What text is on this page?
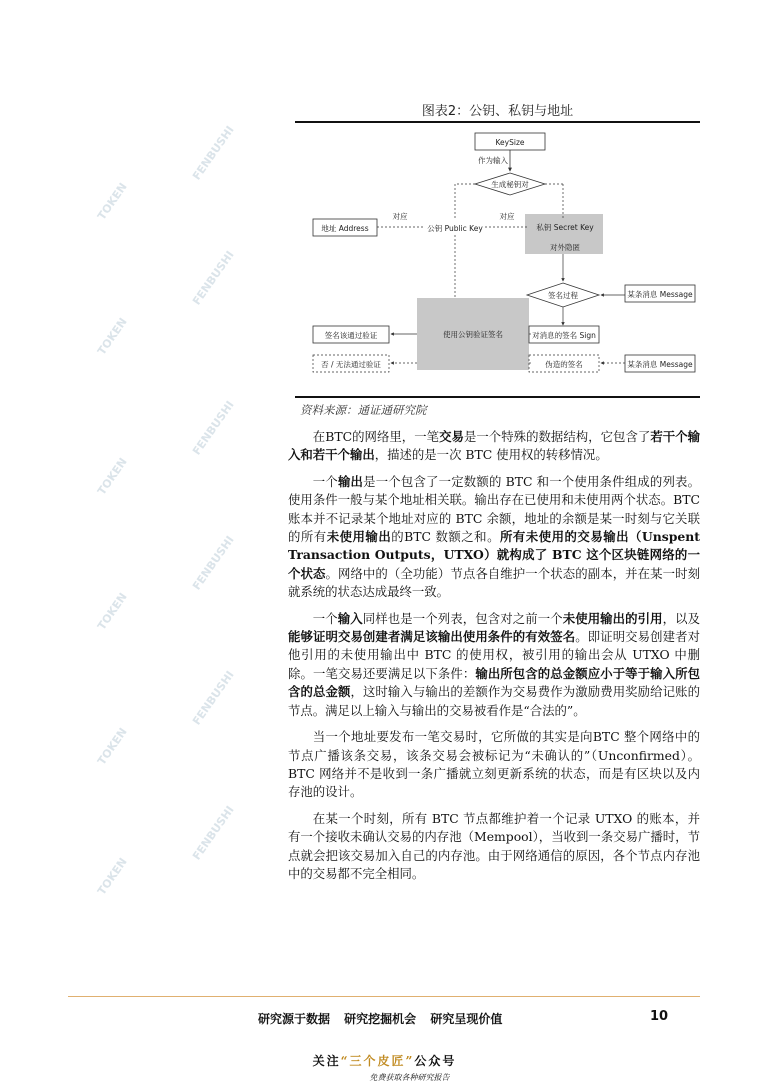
TOKEN
FENBUSHI
TOKEN
FENBUSHI
TOKEN
FENBUSHI
TOKEN
FENBUSHI
TOKEN
FENBUSHI
TOKEN
FENBUSHI
图表2：公钥、私钥与地址
KeySize
作为输入
生成秘钥对
地址 Address
对应
公钥 Public Key
对应
私钥 Secret Key
对外隐匿
签名过程	某条消息 Message
使用公钥验证签名
签名该通过验证	对消息的签名 Sign
否 / 无法通过验证	伪造的签名	某条消息 Message
资料来源：通证通研究院

在BTC的网络里，一笔交易是一个特殊的数据结构，它包含了若干个输入和若干个输出，描述的是一次 BTC 使用权的转移情况。

一个输出是一个包含了一定数额的 BTC 和一个使用条件组成的列表。使用条件一般与某个地址相关联。输出存在已使用和未使用两个状态。BTC 账本并不记录某个地址对应的 BTC 余额，地址的余额是某一时刻与它关联的所有未使用输出的BTC 数额之和。所有未使用的交易输出（Unspent Transaction Outputs，UTXO）就构成了 BTC 这个区块链网络的一个状态。网络中的（全功能）节点各自维护一个状态的副本，并在某一时刻就系统的状态达成最终一致。

一个输入同样也是一个列表，包含对之前一个未使用输出的引用，以及能够证明交易创建者满足该输出使用条件的有效签名。即证明交易创建者对他引用的未使用输出中 BTC 的使用权，被引用的输出会从 UTXO 中删除。一笔交易还要满足以下条件：输出所包含的总金额应小于等于输入所包含的总金额，这时输入与输出的差额作为交易费作为激励费用奖励给记账的节点。满足以上输入与输出的交易被看作是“合法的”。

当一个地址要发布一笔交易时，它所做的其实是向BTC 整个网络中的节点广播该条交易，该条交易会被标记为“未确认的”（Unconfirmed）。BTC 网络并不是收到一条广播就立刻更新系统的状态，而是有区块以及内存池的设计。

在某一个时刻，所有 BTC 节点都维护着一个记录 UTXO 的账本，并有一个接收未确认交易的内存池（Mempool），当收到一条交易广播时，节点就会把该交易加入自己的内存池。由于网络通信的原因，各个节点内存池中的交易都不完全相同。

研究源于数据 研究挖掘机会 研究呈现价值	10
关注“三个皮匠”公众号
免费获取各种研究报告
